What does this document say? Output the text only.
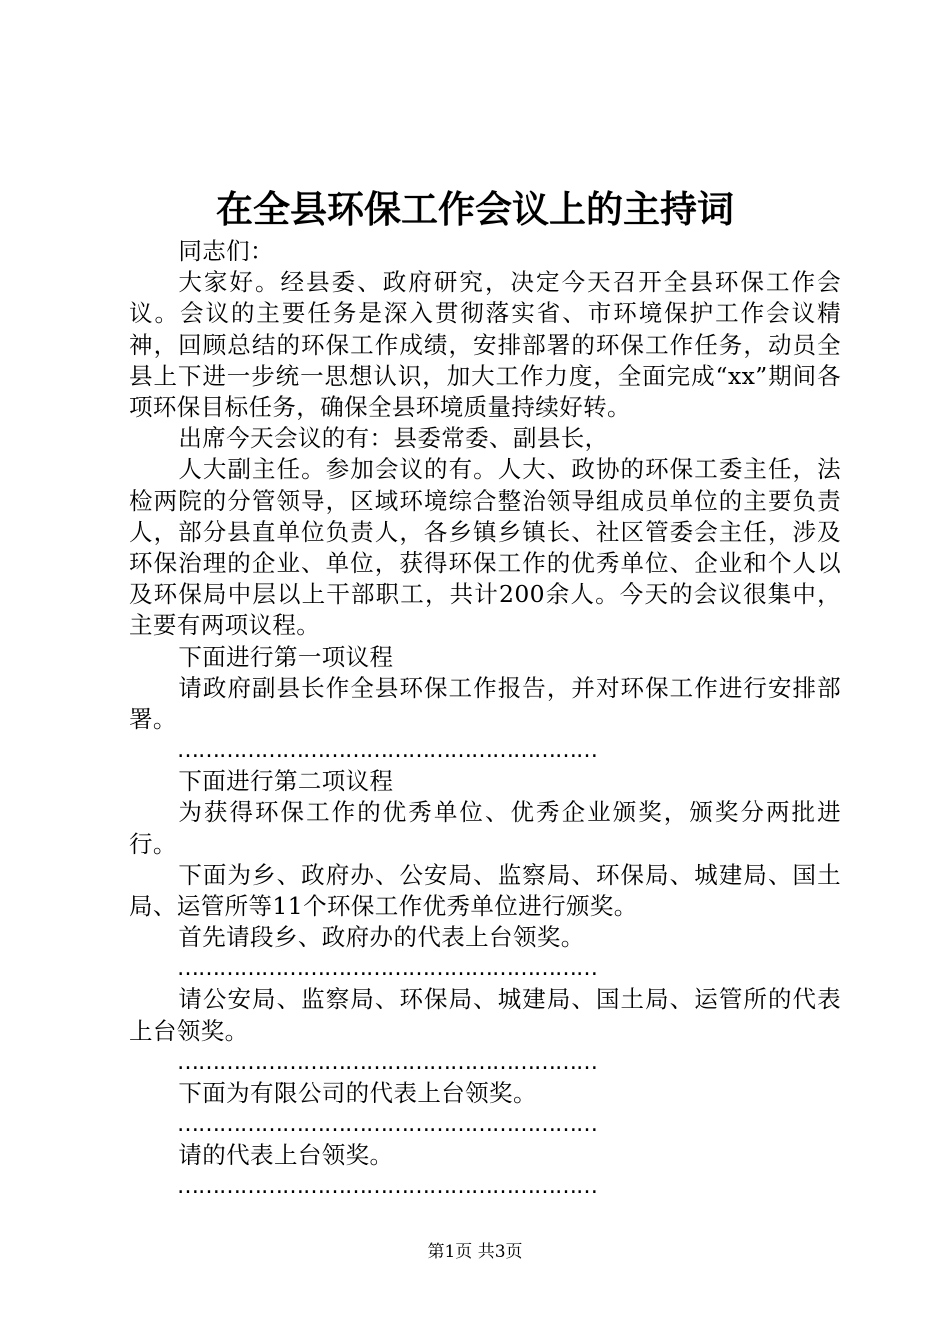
在全县环保工作会议上的主持词

同志们：

大家好。经县委、政府研究，决定今天召开全县环保工作会议。会议的主要任务是深入贯彻落实省、市环境保护工作会议精神，回顾总结的环保工作成绩，安排部署的环保工作任务，动员全县上下进一步统一思想认识，加大工作力度，全面完成“xx”期间各项环保目标任务，确保全县环境质量持续好转。

出席今天会议的有：县委常委、副县长，

人大副主任。参加会议的有。人大、政协的环保工委主任，法检两院的分管领导，区域环境综合整治领导组成员单位的主要负责人，部分县直单位负责人，各乡镇乡镇长、社区管委会主任，涉及环保治理的企业、单位，获得环保工作的优秀单位、企业和个人以及环保局中层以上干部职工，共计200余人。今天的会议很集中，主要有两项议程。

下面进行第一项议程

请政府副县长作全县环保工作报告，并对环保工作进行安排部署。

……………………………………………………

下面进行第二项议程

为获得环保工作的优秀单位、优秀企业颁奖，颁奖分两批进行。

下面为乡、政府办、公安局、监察局、环保局、城建局、国土局、运管所等11个环保工作优秀单位进行颁奖。

首先请段乡、政府办的代表上台领奖。

……………………………………………………

请公安局、监察局、环保局、城建局、国土局、运管所的代表上台领奖。

……………………………………………………

下面为有限公司的代表上台领奖。

……………………………………………………

请的代表上台领奖。

……………………………………………………

第1页 共3页
